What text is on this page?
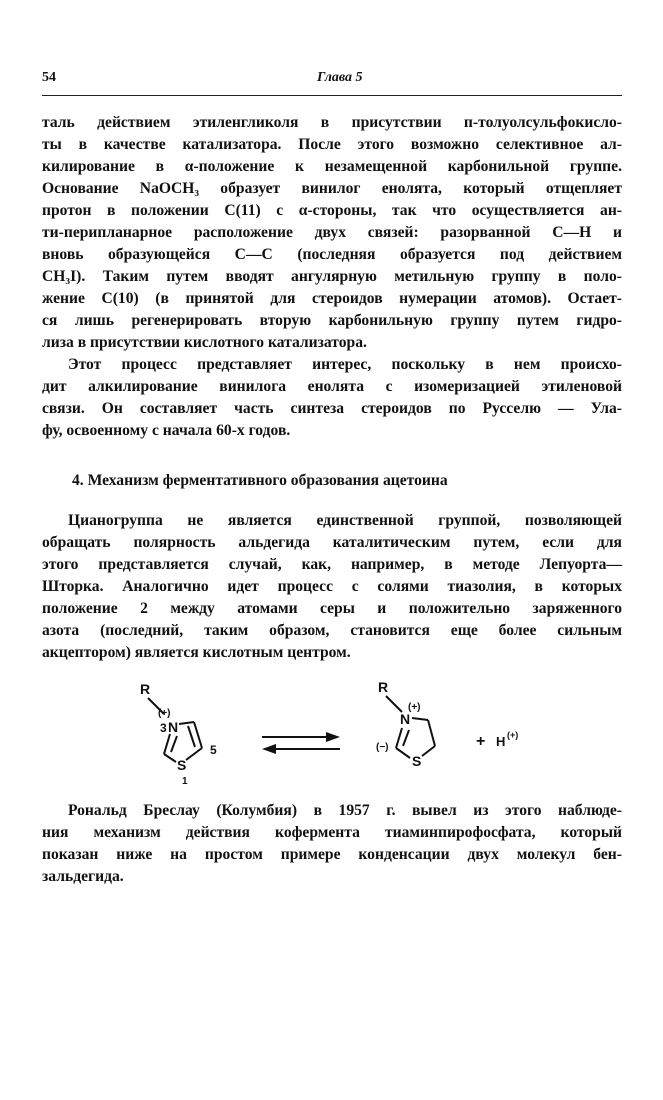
54	Глава 5

таль действием этиленгликоля в присутствии п-толуолсульфокисло-
ты в качестве катализатора. После этого возможно селективное ал-
килирование в α-положение к незамещенной карбонильной группе.
Основание NaOCH₃ образует винилог енолята, который отщепляет
протон в положении C(11) с α-стороны, так что осуществляется ан-
ти-перипланарное расположение двух связей: разорванной C—H и
вновь образующейся C—C (последняя образуется под действием
CH₃I). Таким путем вводят ангулярную метильную группу в поло-
жение C(10) (в принятой для стероидов нумерации атомов). Остает-
ся лишь регенерировать вторую карбонильную группу путем гидро-
лиза в присутствии кислотного катализатора.

Этот процесс представляет интерес, поскольку в нем происхо-
дит алкилирование винилога енолята с изомеризацией этиленовой
связи. Он составляет часть синтеза стероидов по Русселю — Ула-
фу, освоенному с начала 60-х годов.

4. Механизм ферментативного образования ацетоина

Цианогруппа не является единственной группой, позволяющей
обращать полярность альдегида каталитическим путем, если для
этого представляется случай, как, например, в методе Лепуорта—
Шторка. Аналогично идет процесс с солями тиазолия, в которых
положение 2 между атомами серы и положительно заряженного
азота (последний, таким образом, становится еще более сильным
акцептором) является кислотным центром.

R
(+)
3 N
S
5
1
R
(+)
N
S
(−)	+ H (+)

Рональд Бреслау (Колумбия) в 1957 г. вывел из этого наблюде-
ния механизм действия кофермента тиаминпирофосфата, который
показан ниже на простом примере конденсации двух молекул бен-
зальдегида.
